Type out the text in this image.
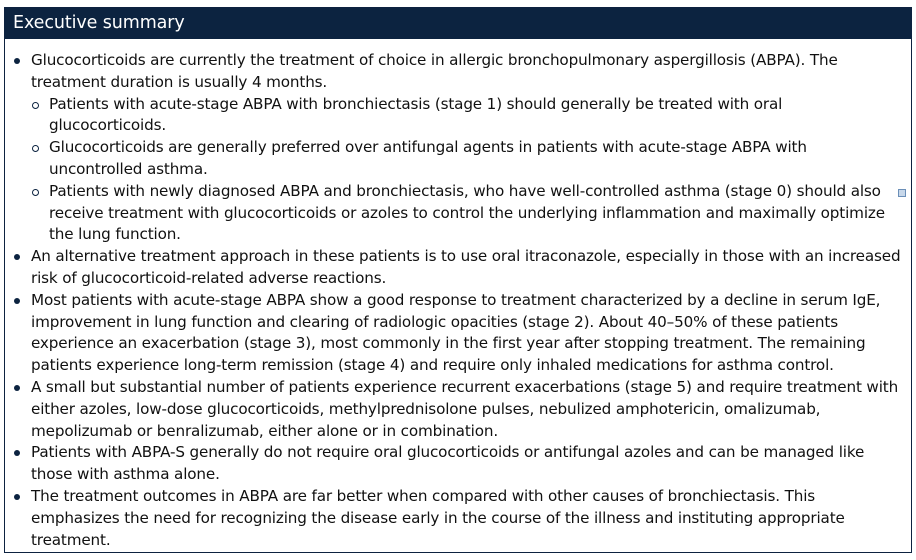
Executive summary
Glucocorticoids are currently the treatment of choice in allergic bronchopulmonary aspergillosis (ABPA). The treatment duration is usually 4 months.
Patients with acute-stage ABPA with bronchiectasis (stage 1) should generally be treated with oral glucocorticoids.
Glucocorticoids are generally preferred over antifungal agents in patients with acute-stage ABPA with uncontrolled asthma.
Patients with newly diagnosed ABPA and bronchiectasis, who have well-controlled asthma (stage 0) should also receive treatment with glucocorticoids or azoles to control the underlying inflammation and maximally optimize the lung function.
An alternative treatment approach in these patients is to use oral itraconazole, especially in those with an increased risk of glucocorticoid-related adverse reactions.
Most patients with acute-stage ABPA show a good response to treatment characterized by a decline in serum IgE, improvement in lung function and clearing of radiologic opacities (stage 2). About 40–50% of these patients experience an exacerbation (stage 3), most commonly in the first year after stopping treatment. The remaining patients experience long-term remission (stage 4) and require only inhaled medications for asthma control.
A small but substantial number of patients experience recurrent exacerbations (stage 5) and require treatment with either azoles, low-dose glucocorticoids, methylprednisolone pulses, nebulized amphotericin, omalizumab, mepolizumab or benralizumab, either alone or in combination.
Patients with ABPA-S generally do not require oral glucocorticoids or antifungal azoles and can be managed like those with asthma alone.
The treatment outcomes in ABPA are far better when compared with other causes of bronchiectasis. This emphasizes the need for recognizing the disease early in the course of the illness and instituting appropriate treatment.
